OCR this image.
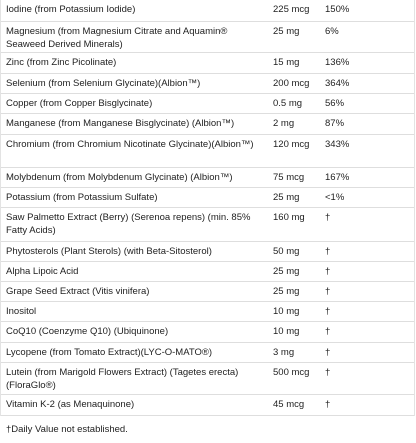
Iodine (from Potassium Iodide)	225 mcg	150%
Magnesium (from Magnesium Citrate and Aquamin® Seaweed Derived Minerals)	25 mg	6%
Zinc (from Zinc Picolinate)	15 mg	136%
Selenium (from Selenium Glycinate)(Albion™)	200 mcg	364%
Copper (from Copper Bisglycinate)	0.5 mg	56%
Manganese (from Manganese Bisglycinate) (Albion™)	2 mg	87%
Chromium (from Chromium Nicotinate Glycinate)(Albion™)	120 mcg	343%
Molybdenum (from Molybdenum Glycinate) (Albion™)	75 mcg	167%
Potassium (from Potassium Sulfate)	25 mg	<1%
Saw Palmetto Extract (Berry) (Serenoa repens) (min. 85% Fatty Acids)	160 mg	†
Phytosterols (Plant Sterols) (with Beta-Sitosterol)	50 mg	†
Alpha Lipoic Acid	25 mg	†
Grape Seed Extract (Vitis vinifera)	25 mg	†
Inositol	10 mg	†
CoQ10 (Coenzyme Q10) (Ubiquinone)	10 mg	†
Lycopene (from Tomato Extract)(LYC-O-MATO®)	3 mg	†
Lutein (from Marigold Flowers Extract) (Tagetes erecta) (FloraGlo®)	500 mcg	†
Vitamin K-2 (as Menaquinone)	45 mcg	†
†Daily Value not established.		
